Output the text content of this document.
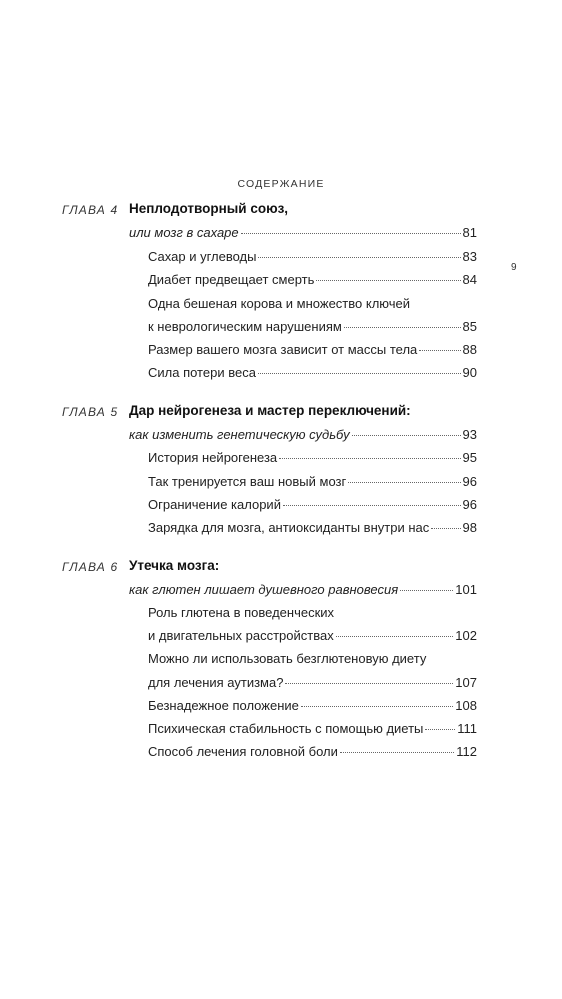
СОДЕРЖАНИЕ
9
ГЛАВА 4 Неплодотворный союз,
или мозг в сахаре	81
Сахар и углеводы	83
Диабет предвещает смерть	84
Одна бешеная корова и множество ключей
к неврологическим нарушениям	85
Размер вашего мозга зависит от массы тела	88
Сила потери веса	90
ГЛАВА 5 Дар нейрогенеза и мастер переключений:
как изменить генетическую судьбу	93
История нейрогенеза	95
Так тренируется ваш новый мозг	96
Ограничение калорий	96
Зарядка для мозга, антиоксиданты внутри нас	98
ГЛАВА 6 Утечка мозга:
как глютен лишает душевного равновесия	101
Роль глютена в поведенческих
и двигательных расстройствах	102
Можно ли использовать безглютеновую диету
для лечения аутизма?	107
Безнадежное положение	108
Психическая стабильность с помощью диеты	111
Способ лечения головной боли	112
